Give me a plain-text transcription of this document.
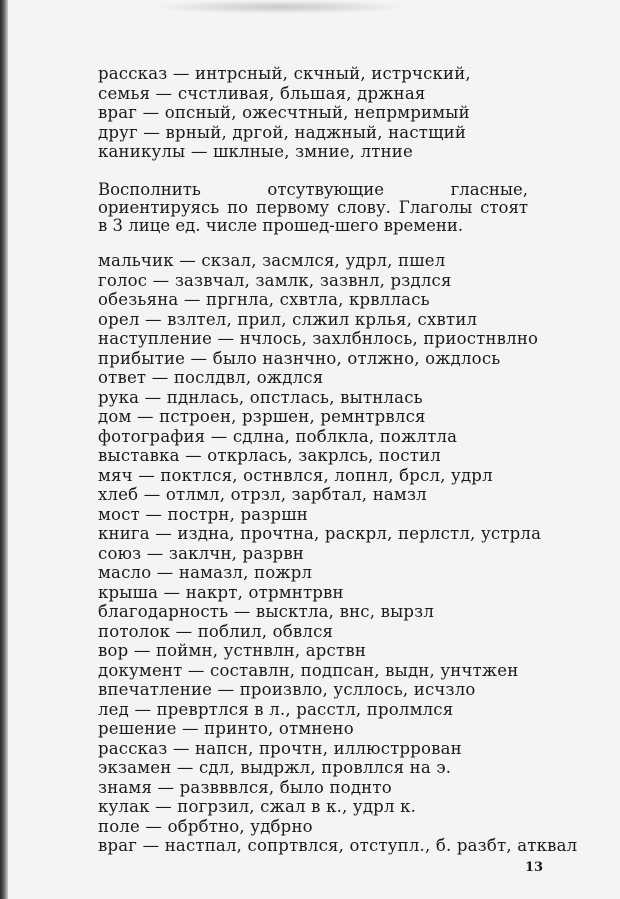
рассказ — интрсный, скчный, истрчский,
семья — счстливая, бльшая, држная
враг — опсный, ожесчтный, непрмримый
друг — врный, дргой, наджный, настщий
каникулы — шклные, змние, лтние

Восполнить отсутвующие гласные, ориентируясь по первому слову. Глаголы стоят в 3 лице ед. числе прошед-шего времени.

мальчик — скзал, засмлся, удрл, пшел
голос — зазвчал, замлк, зазвнл, рздлся
обезьяна — пргнла, схвтла, крвллась
орел — взлтел, прил, слжил крлья, схвтил
наступление — нчлось, захлбнлось, приостнвлно
прибытие — было назнчно, отлжно, ождлось
ответ — послдвл, ождлся
рука — пднлась, опстлась, вытнлась
дом — пстроен, рзршен, ремнтрвлся
фотография — сдлна, поблкла, пожлтла
выставка — открлась, закрлсь, постил
мяч — поктлся, остнвлся, лопнл, брсл, удрл
хлеб — отлмл, отрзл, зарбтал, намзл
мост — пострн, разршн
книга — издна, прочтна, раскрл, перлстл, устрла
союз — заклчн, разрвн
масло — намазл, пожрл
крыша — накрт, отрмнтрвн
благодарность — высктла, внс, вырзл
потолок — поблил, обвлся
вор — поймн, устнвлн, арствн
документ — составлн, подпсан, выдн, унчтжен
впечатление — произвло, усллось, исчзло
лед — превртлся в л., расстл, пролмлся
решение — принто, отмнено
рассказ — напсн, прочтн, иллюстррован
экзамен — сдл, выдржл, провллся на э.
знамя — развввлся, было поднто
кулак — погрзил, сжал в к., удрл к.
поле — обрбтно, удбрно
враг — настпал, сопртвлся, отступл., б. разбт, атквал
13
